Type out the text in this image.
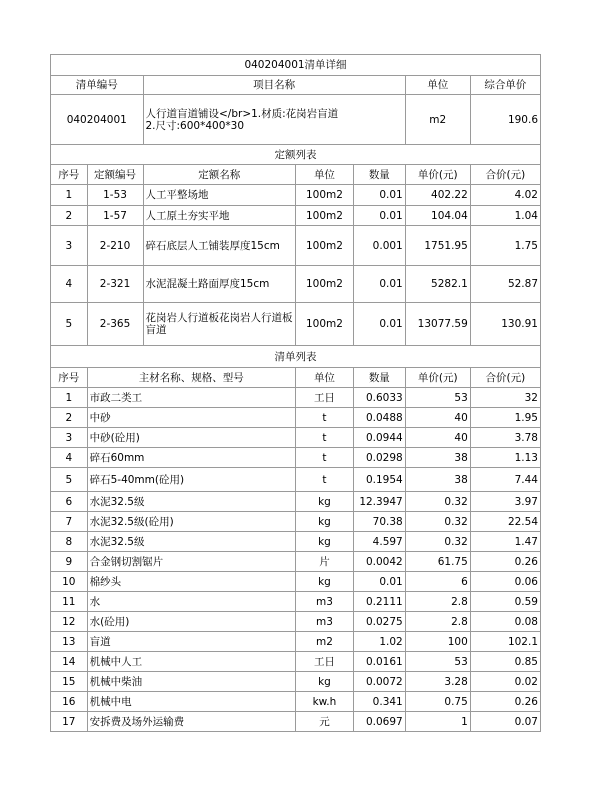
040204001清单详细						
清单编号		项目名称			单位	综合单价
040204001		人行道盲道铺设</br>1.材质:花岗岩盲道
2.尺寸:600*400*30			m2	190.6
定额列表						
序号	定额编号	定额名称	单位	数量	单价(元)	合价(元)
1	1-53	人工平整场地	100m2	0.01	402.22	4.02
2	1-57	人工原土夯实平地	100m2	0.01	104.04	1.04
3	2-210	碎石底层人工铺装厚度15cm	100m2	0.001	1751.95	1.75
4	2-321	水泥混凝土路面厚度15cm	100m2	0.01	5282.1	52.87
5	2-365	花岗岩人行道板花岗岩人行道板盲道	100m2	0.01	13077.59	130.91
清单列表						
序号	主材名称、规格、型号		单位	数量	单价(元)	合价(元)
1	市政二类工		工日	0.6033	53	32
2	中砂		t	0.0488	40	1.95
3	中砂(砼用)		t	0.0944	40	3.78
4	碎石60mm		t	0.0298	38	1.13
5	碎石5-40mm(砼用)		t	0.1954	38	7.44
6	水泥32.5级		kg	12.3947	0.32	3.97
7	水泥32.5级(砼用)		kg	70.38	0.32	22.54
8	水泥32.5级		kg	4.597	0.32	1.47
9	合金钢切割锯片		片	0.0042	61.75	0.26
10	棉纱头		kg	0.01	6	0.06
11	水		m3	0.2111	2.8	0.59
12	水(砼用)		m3	0.0275	2.8	0.08
13	盲道		m2	1.02	100	102.1
14	机械中人工		工日	0.0161	53	0.85
15	机械中柴油		kg	0.0072	3.28	0.02
16	机械中电		kw.h	0.341	0.75	0.26
17	安拆费及场外运输费		元	0.0697	1	0.07
